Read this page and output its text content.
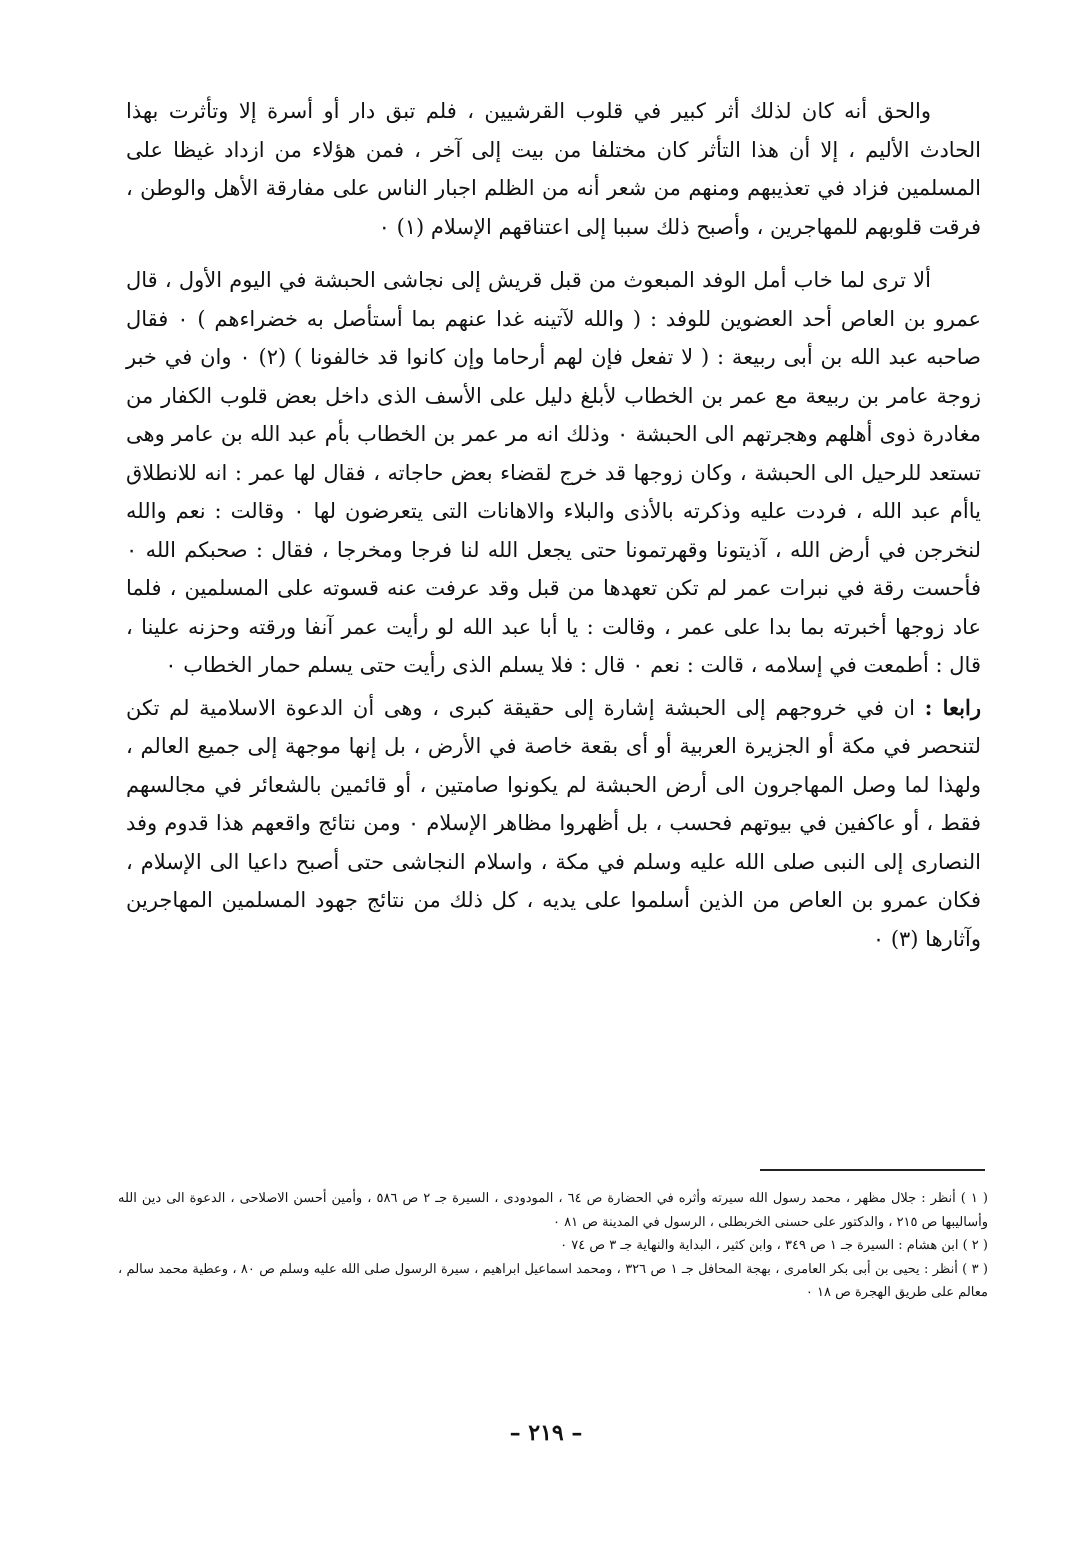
والحق أنه كان لذلك أثر كبير في قلوب القرشيين ، فلم تبق دار أو أسرة إلا وتأثرت بهذا الحادث الأليم ، إلا أن هذا التأثر كان مختلفا من بيت إلى آخر ، فمن هؤلاء من ازداد غيظا على المسلمين فزاد في تعذيبهم ومنهم من شعر أنه من الظلم اجبار الناس على مفارقة الأهل والوطن ، فرقت قلوبهم للمهاجرين ، وأصبح ذلك سببا إلى اعتناقهم الإسلام (١) ٠

ألا ترى لما خاب أمل الوفد المبعوث من قبل قريش إلى نجاشى الحبشة في اليوم الأول ، قال عمرو بن العاص أحد العضوين للوفد : ( والله لآتينه غدا عنهم بما أستأصل به خضراءهم ) ٠ فقال صاحبه عبد الله بن أبى ربيعة : ( لا تفعل فإن لهم أرحاما وإن كانوا قد خالفونا ) (٢) ٠ وان في خبر زوجة عامر بن ربيعة مع عمر بن الخطاب لأبلغ دليل على الأسف الذى داخل بعض قلوب الكفار من مغادرة ذوى أهلهم وهجرتهم الى الحبشة ٠ وذلك انه مر عمر بن الخطاب بأم عبد الله بن عامر وهى تستعد للرحيل الى الحبشة ، وكان زوجها قد خرج لقضاء بعض حاجاته ، فقال لها عمر : انه للانطلاق ياأم عبد الله ، فردت عليه وذكرته بالأذى والبلاء والاهانات التى يتعرضون لها ٠ وقالت : نعم والله لنخرجن في أرض الله ، آذيتونا وقهرتمونا حتى يجعل الله لنا فرجا ومخرجا ، فقال : صحبكم الله ٠ فأحست رقة في نبرات عمر لم تكن تعهدها من قبل وقد عرفت عنه قسوته على المسلمين ، فلما عاد زوجها أخبرته بما بدا على عمر ، وقالت : يا أبا عبد الله لو رأيت عمر آنفا ورقته وحزنه علينا ، قال : أطمعت في إسلامه ، قالت : نعم ٠ قال : فلا يسلم الذى رأيت حتى يسلم حمار الخطاب ٠

رابعا : ان في خروجهم إلى الحبشة إشارة إلى حقيقة كبرى ، وهى أن الدعوة الاسلامية لم تكن لتنحصر في مكة أو الجزيرة العربية أو أى بقعة خاصة في الأرض ، بل إنها موجهة إلى جميع العالم ، ولهذا لما وصل المهاجرون الى أرض الحبشة لم يكونوا صامتين ، أو قائمين بالشعائر في مجالسهم فقط ، أو عاكفين في بيوتهم فحسب ، بل أظهروا مظاهر الإسلام ٠ ومن نتائج واقعهم هذا قدوم وفد النصارى إلى النبى صلى الله عليه وسلم في مكة ، واسلام النجاشى حتى أصبح داعيا الى الإسلام ، فكان عمرو بن العاص من الذين أسلموا على يديه ، كل ذلك من نتائج جهود المسلمين المهاجرين وآثارها (٣) ٠

( ١ ) أنظر : جلال مظهر ، محمد رسول الله سيرته وأثره في الحضارة ص ٦٤ ، المودودى ، السيرة جـ ٢ ص ٥٨٦ ، وأمين أحسن الاصلاحى ، الدعوة الى دين الله وأساليبها ص ٢١٥ ، والدكتور على حسنى الخربطلى ، الرسول في المدينة ص ٨١ ٠

( ٢ ) ابن هشام : السيرة جـ ١ ص ٣٤٩ ، وابن كثير ، البداية والنهاية جـ ٣ ص ٧٤ ٠

( ٣ ) أنظر : يحيى بن أبى بكر العامرى ، بهجة المحافل جـ ١ ص ٣٢٦ ، ومحمد اسماعيل ابراهيم ، سيرة الرسول صلى الله عليه وسلم ص ٨٠ ، وعطية محمد سالم ، معالم على طريق الهجرة ص ١٨ ٠

– ٢١٩ –
